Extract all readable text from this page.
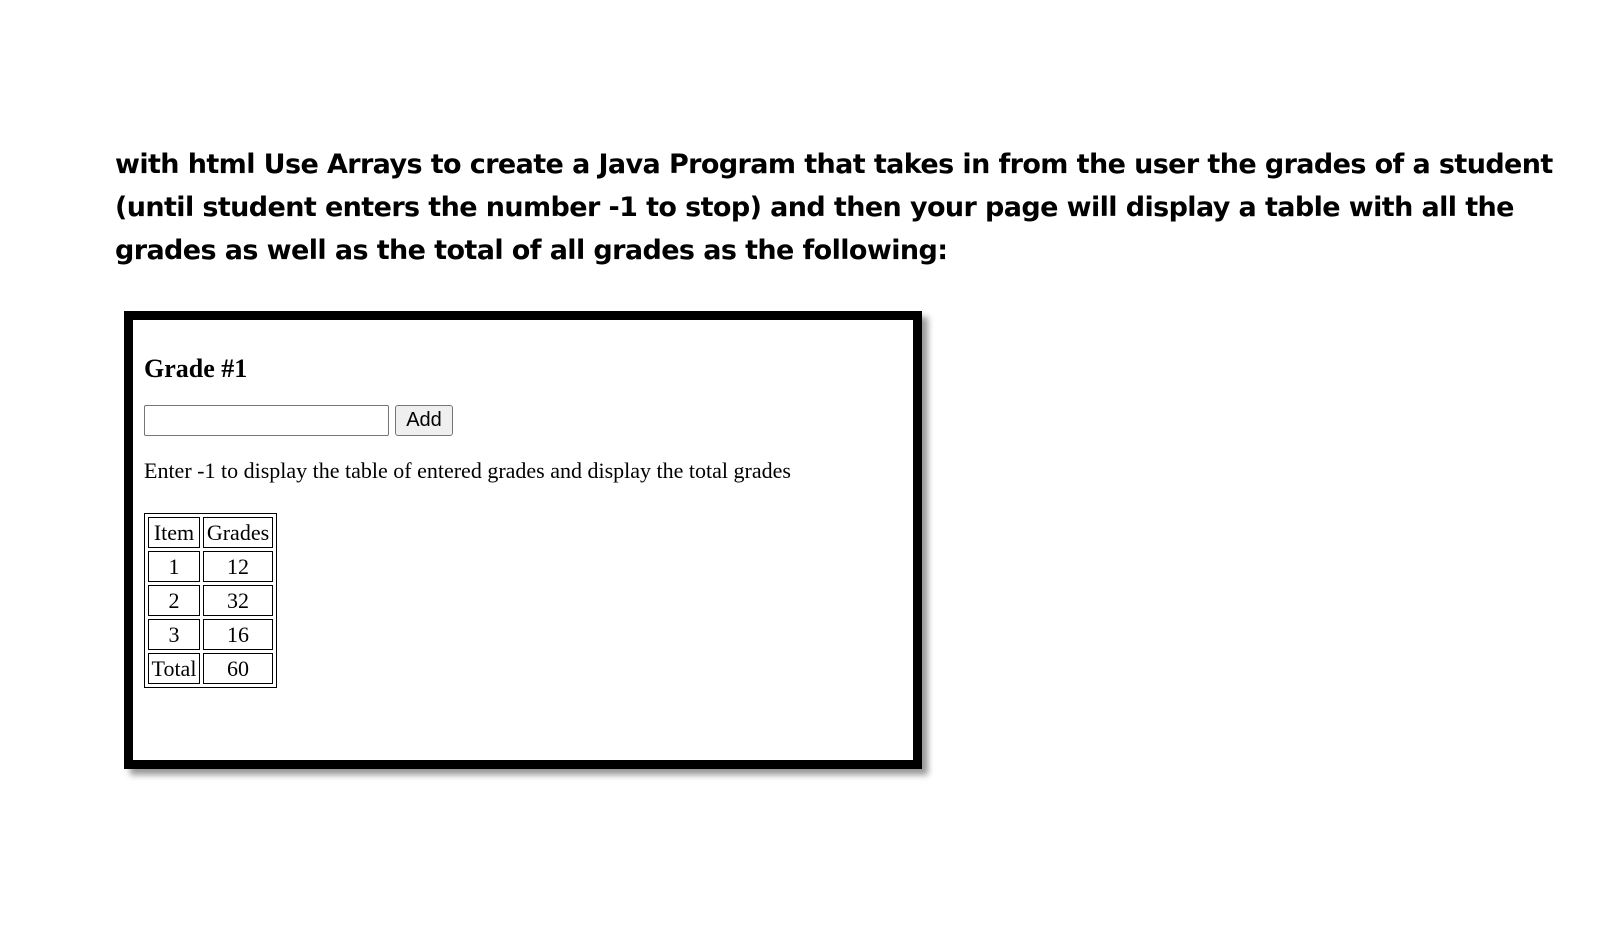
with html Use Arrays to create a Java Program that takes in from the user the grades of a student (until student enters the number -1 to stop) and then your page will display a table with all the grades as well as the total of all grades as the following:

Grade #1
Add

Enter -1 to display the table of entered grades and display the total grades

Item	Grades
1	12
2	32
3	16
Total	60
